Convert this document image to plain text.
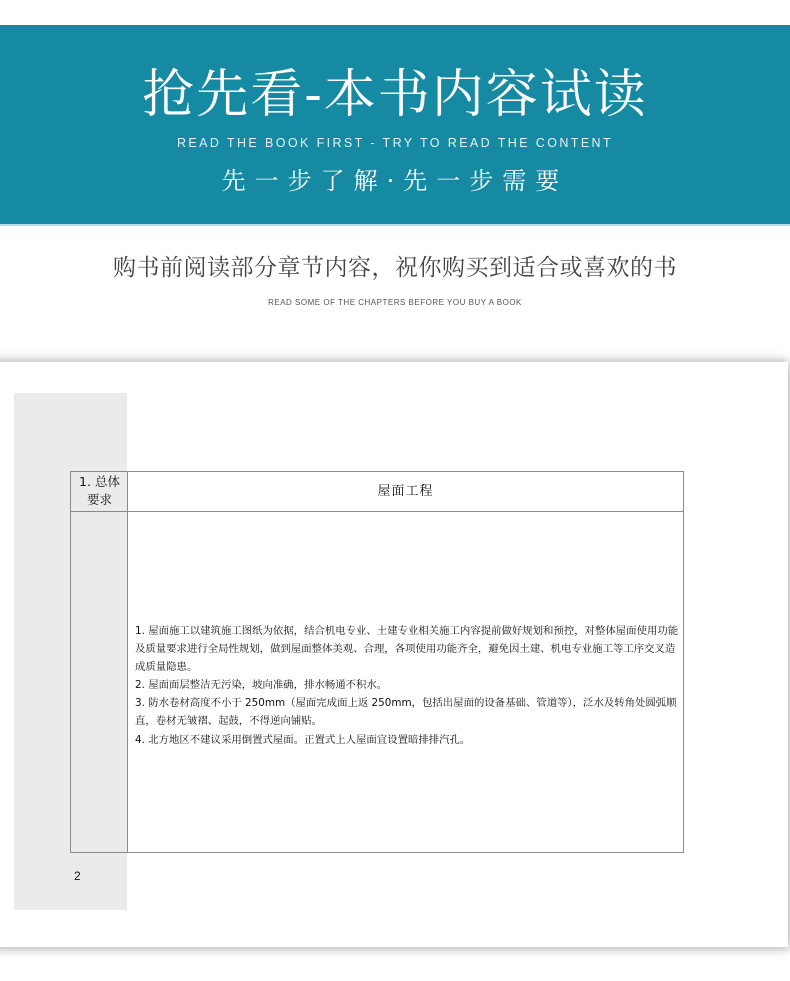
抢先看-本书内容试读
READ THE BOOK FIRST - TRY TO READ THE CONTENT
先一步了解·先一步需要
购书前阅读部分章节内容，祝你购买到适合或喜欢的书
READ SOME OF THE CHAPTERS BEFORE YOU BUY A BOOK
1. 总体
要求
屋面工程

1. 屋面施工以建筑施工图纸为依据，结合机电专业、土建专业相关施工内容提前做好规划和预控，对整体屋面使用功能及质量要求进行全局性规划，做到屋面整体美观、合理，各项使用功能齐全，避免因土建、机电专业施工等工序交叉造成质量隐患。

2. 屋面面层整洁无污染，坡向准确，排水畅通不积水。

3. 防水卷材高度不小于 250mm（屋面完成面上返 250mm，包括出屋面的设备基础、管道等），泛水及转角处圆弧顺直，卷材无皱褶、起鼓，不得逆向铺贴。

4. 北方地区不建议采用倒置式屋面。正置式上人屋面宜设置暗排排汽孔。

2
